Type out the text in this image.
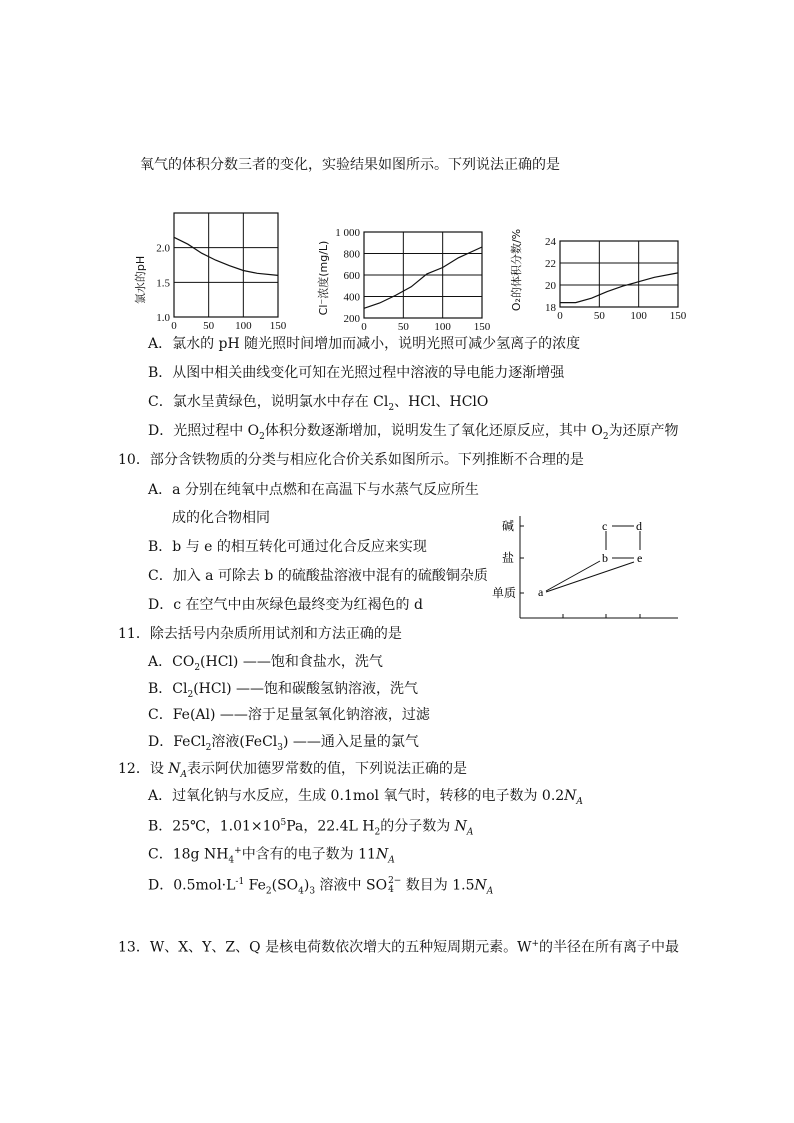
氧气的体积分数三者的变化，实验结果如图所示。下列说法正确的是
氯水的pH
0 50 100 150
1.0
1.5
2.0	Cl⁻浓度(mg/L)
0	50 100 150
200
400
600
800
1 000	O₂的体积分数/%
0	50 100 150
18
20
22
24
A．氯水的 pH 随光照时间增加而减小，说明光照可减少氢离子的浓度
B．从图中相关曲线变化可知在光照过程中溶液的导电能力逐渐增强
C．氯水呈黄绿色，说明氯水中存在 $Cl_2$、HCl、HClO
D．光照过程中 $O_2$体积分数逐渐增加，说明发生了氧化还原反应，其中 $O_2$为还原产物
10．部分含铁物质的分类与相应化合价关系如图所示。下列推断不合理的是
A．a 分别在纯氧中点燃和在高温下与水蒸气反应所生
成的化合物相同
B．b 与 e 的相互转化可通过化合反应来实现
C．加入 a 可除去 b 的硫酸盐溶液中混有的硫酸铜杂质
D．c 在空气中由灰绿色最终变为红褐色的 d
碱
盐
单质 a
b
c d
e
11．除去括号内杂质所用试剂和方法正确的是
A．$CO_2(HCl)$ ——饱和食盐水，洗气
B．$Cl_2(HCl)$ ——饱和碳酸氢钠溶液，洗气
C．Fe(Al) ——溶于足量氢氧化钠溶液，过滤
D．FeCl$_2$溶液(FeCl$_3$) ——通入足量的氯气
12．设 $N_A$表示阿伏加德罗常数的值，下列说法正确的是
A．过氧化钠与水反应，生成 0.1mol 氧气时，转移的电子数为 $0.2N_A$
B．25℃，$1.01\times 10^5Pa$，22.4L $H_2$的分子数为 $N_A$
C．18g $NH_4^+$中含有的电子数为 $11N_A$
D．$0.5mol\cdot L^{-1}$ $Fe_2(SO_4)_3$ 溶液中 SO 2−
4 数目为 $1.5N_A$
13．W、X、Y、Z、Q 是核电荷数依次增大的五种短周期元素。W+的半径在所有离子中最
